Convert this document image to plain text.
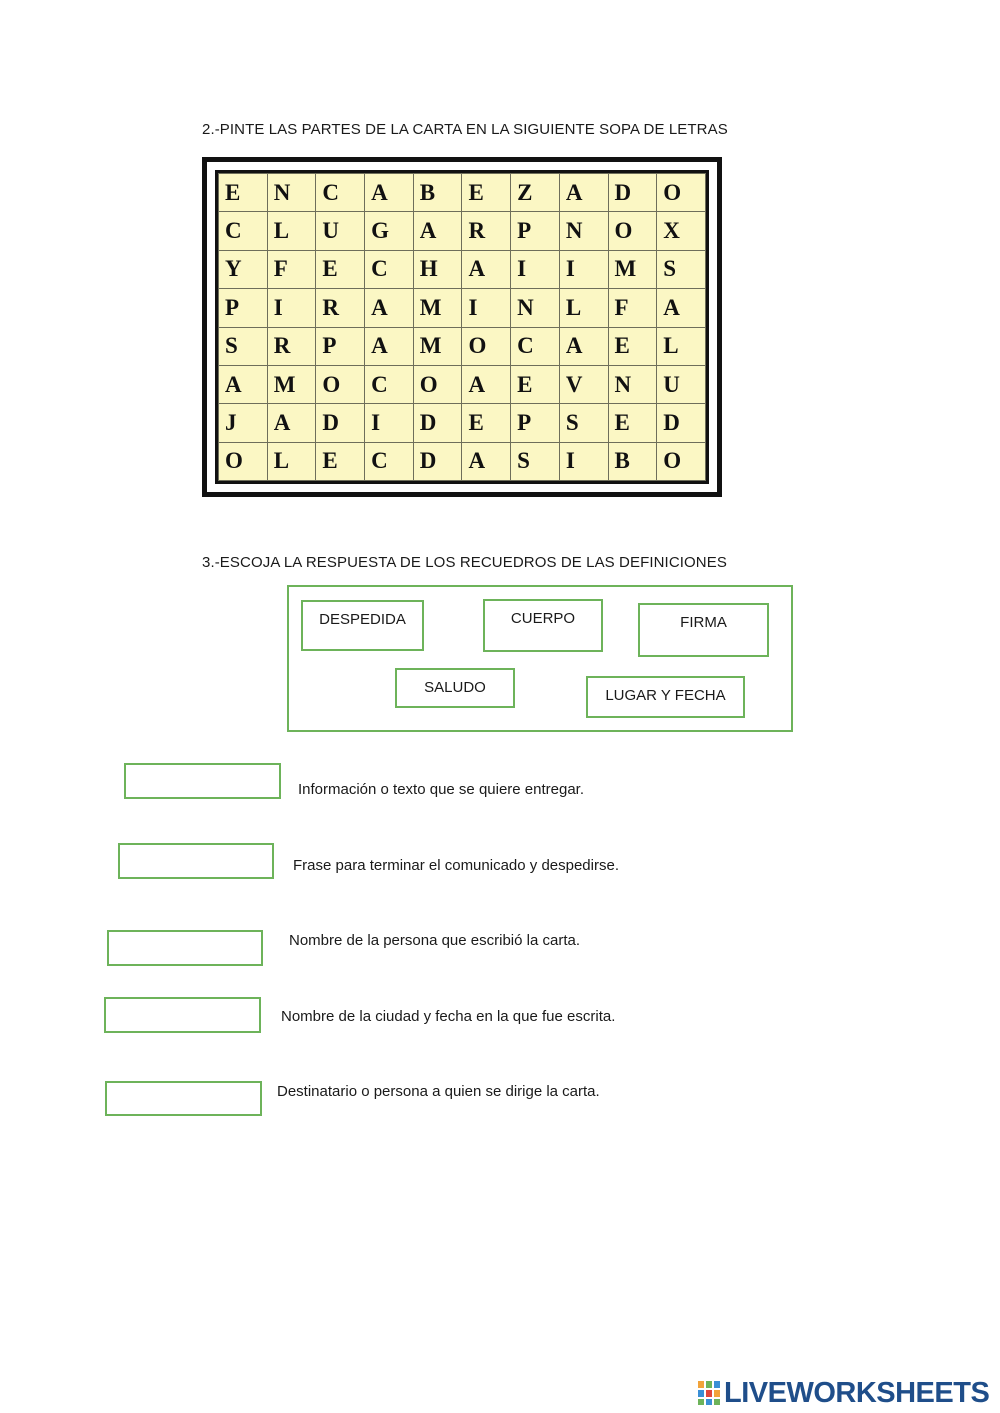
2.-PINTE LAS PARTES DE LA CARTA EN LA SIGUIENTE SOPA DE LETRAS
E	N	C	A	B	E	Z	A	D	O
C	L	U	G	A	R	P	N	O	X
Y	F	E	C	H	A	I	I	M	S
P	I	R	A	M	I	N	L	F	A
S	R	P	A	M	O	C	A	E	L
A	M	O	C	O	A	E	V	N	U
J	A	D	I	D	E	P	S	E	D
O	L	E	C	D	A	S	I	B	O
3.-ESCOJA LA RESPUESTA DE LOS RECUEDROS DE LAS DEFINICIONES
DESPEDIDA	CUERPO	FIRMA
SALUDO	LUGAR Y FECHA
Información o texto que se quiere entregar.
Frase para terminar el comunicado y despedirse.
Nombre de la persona que escribió la carta.
Nombre de la ciudad y fecha en la que fue escrita.
Destinatario o persona a quien se dirige la carta.
LIVEWORKSHEETS
